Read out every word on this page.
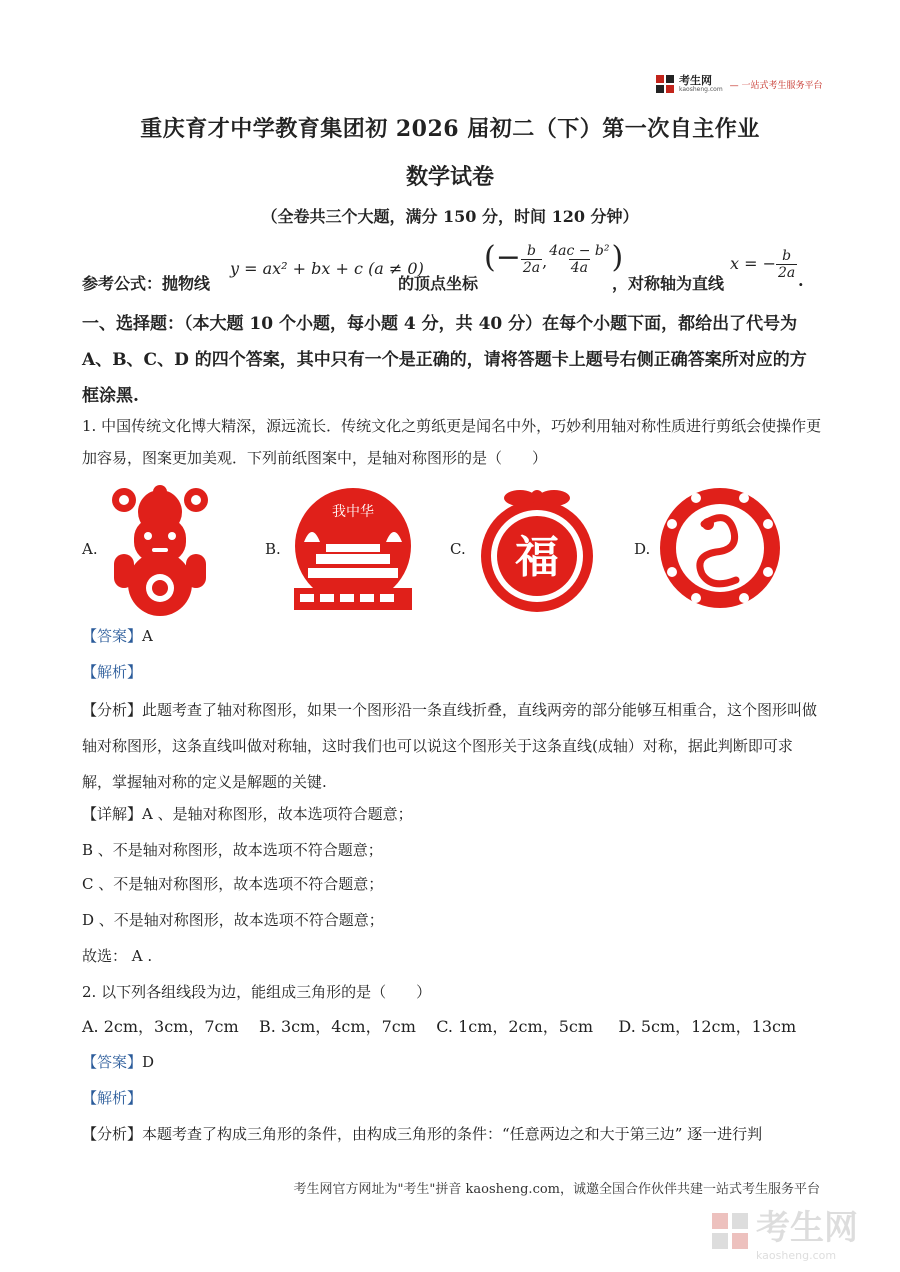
考生网
kaosheng.com — 一站式考生服务平台
重庆育才中学教育集团初 2026 届初二（下）第一次自主作业
数学试卷
（全卷共三个大题，满分 150 分，时间 120 分钟）
参考公式：抛物线
y = ax² + bx + c (a ≠ 0)
的顶点坐标
(− $\frac{b}{2a}$ , $\frac{\text{4ac − b²}}{4a}$ )
，对称轴为直线
x = − $\frac{b}{2a}$ .
一、选择题：（本大题 10 个小题，每小题 4 分，共 40 分）在每个小题下面，都给出了代号为 A、B、C、D 的四个答案，其中只有一个是正确的，请将答题卡上题号右侧正确答案所对应的方框涂黑.
1. 中国传统文化博大精深，源远流长．传统文化之剪纸更是闻名中外，巧妙利用轴对称性质进行剪纸会使操作更加容易，图案更加美观．下列前纸图案中，是轴对称图形的是（　　）
A.	B.
我中华
C. 福	D.
【答案】A
【解析】
【分析】此题考查了轴对称图形，如果一个图形沿一条直线折叠，直线两旁的部分能够互相重合，这个图形叫做轴对称图形，这条直线叫做对称轴，这时我们也可以说这个图形关于这条直线(成轴）对称，据此判断即可求解，掌握轴对称的定义是解题的关键.
【详解】A 、是轴对称图形，故本选项符合题意；
B 、不是轴对称图形，故本选项不符合题意；
C 、不是轴对称图形，故本选项不符合题意；
D 、不是轴对称图形，故本选项不符合题意；
故选： A .
2. 以下列各组线段为边，能组成三角形的是（　　）
A. 2cm，3cm，7cm    B. 3cm，4cm，7cm    C. 1cm，2cm，5cm     D. 5cm，12cm，13cm
【答案】D
【解析】
【分析】本题考查了构成三角形的条件，由构成三角形的条件：“任意两边之和大于第三边” 逐一进行判
考生网官方网址为"考生"拼音 kaosheng.com，诚邀全国合作伙伴共建一站式考生服务平台
考生网
kaosheng.com
